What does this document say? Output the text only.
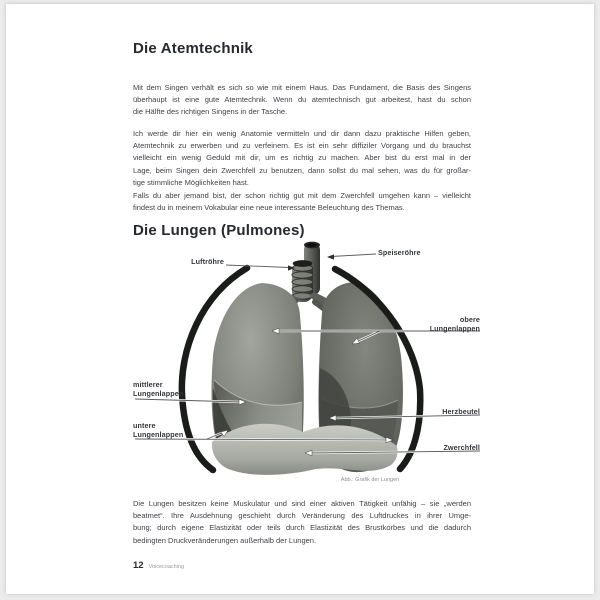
Die Atemtechnik
Mit dem Singen verhält es sich so wie mit einem Haus. Das Fundament, die Basis des Singens
überhaupt ist eine gute Atemtechnik. Wenn du atemtechnisch gut arbeitest, hast du schon
die Hälfte des richtigen Singens in der Tasche.
Ich werde dir hier ein wenig Anatomie vermitteln und dir dann dazu praktische Hilfen geben,
Atemtechnik zu erwerben und zu verfeinern. Es ist ein sehr diffiziler Vorgang und du brauchst
vielleicht ein wenig Geduld mit dir, um es richtig zu machen. Aber bist du erst mal in der
Lage, beim Singen dein Zwerchfell zu benutzen, dann sollst du mal sehen, was du für großar-
tige stimmliche Möglichkeiten hast.
Falls du aber jemand bist, der schon richtig gut mit dem Zwerchfell umgehen kann – vielleicht
findest du in meinem Vokabular eine neue interessante Beleuchtung des Themas.
Die Lungen (Pulmones)
Luftröhre
Speiseröhre
obere
Lungenlappen
mittlerer
Lungenlappen
untere
Lungenlappen
Herzbeutel
Zwerchfell
Abb.: Grafik der Lungen
Die Lungen besitzen keine Muskulatur und sind einer aktiven Tätigkeit unfähig – sie „werden
beatmet“. Ihre Ausdehnung geschieht durch Veränderung des Luftdruckes in ihrer Umge-
bung; durch eigene Elastizität oder teils durch Elastizität des Brustkorbes und die dadurch
bedingten Druckveränderungen außerhalb der Lungen.
12 Voicecoaching
